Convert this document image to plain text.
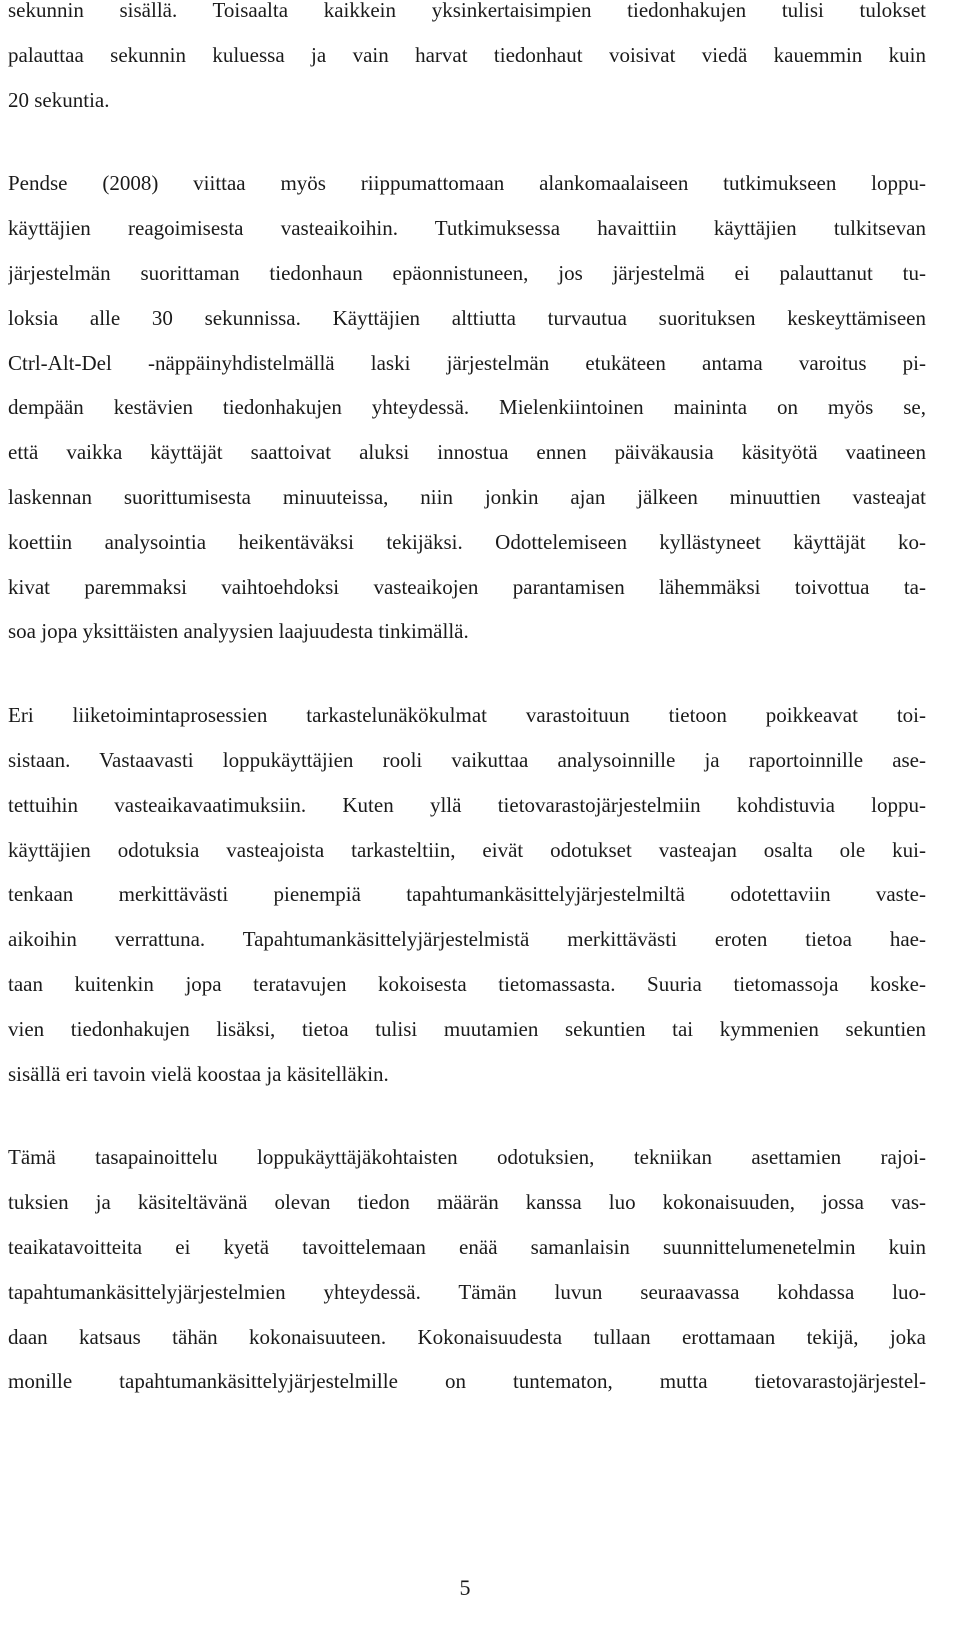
sekunnin sisällä. Toisaalta kaikkein yksinkertaisimpien tiedonhakujen tulisi tulokset
palauttaa sekunnin kuluessa ja vain harvat tiedonhaut voisivat viedä kauemmin kuin
20 sekuntia.

Pendse (2008) viittaa myös riippumattomaan alankomaalaiseen tutkimukseen loppu-
käyttäjien reagoimisesta vasteaikoihin. Tutkimuksessa havaittiin käyttäjien tulkitsevan
järjestelmän suorittaman tiedonhaun epäonnistuneen, jos järjestelmä ei palauttanut tu-
loksia alle 30 sekunnissa. Käyttäjien alttiutta turvautua suorituksen keskeyttämiseen
Ctrl-Alt-Del -näppäinyhdistelmällä laski järjestelmän etukäteen antama varoitus pi-
dempään kestävien tiedonhakujen yhteydessä. Mielenkiintoinen maininta on myös se,
että vaikka käyttäjät saattoivat aluksi innostua ennen päiväkausia käsityötä vaatineen
laskennan suorittumisesta minuuteissa, niin jonkin ajan jälkeen minuuttien vasteajat
koettiin analysointia heikentäväksi tekijäksi. Odottelemiseen kyllästyneet käyttäjät ko-
kivat paremmaksi vaihtoehdoksi vasteaikojen parantamisen lähemmäksi toivottua ta-
soa jopa yksittäisten analyysien laajuudesta tinkimällä.

Eri liiketoimintaprosessien tarkastelunäkökulmat varastoituun tietoon poikkeavat toi-
sistaan. Vastaavasti loppukäyttäjien rooli vaikuttaa analysoinnille ja raportoinnille ase-
tettuihin vasteaikavaatimuksiin. Kuten yllä tietovarastojärjestelmiin kohdistuvia loppu-
käyttäjien odotuksia vasteajoista tarkasteltiin, eivät odotukset vasteajan osalta ole kui-
tenkaan merkittävästi pienempiä tapahtumankäsittelyjärjestelmiltä odotettaviin vaste-
aikoihin verrattuna. Tapahtumankäsittelyjärjestelmistä merkittävästi eroten tietoa hae-
taan kuitenkin jopa teratavujen kokoisesta tietomassasta. Suuria tietomassoja koske-
vien tiedonhakujen lisäksi, tietoa tulisi muutamien sekuntien tai kymmenien sekuntien
sisällä eri tavoin vielä koostaa ja käsitelläkin.

Tämä tasapainoittelu loppukäyttäjäkohtaisten odotuksien, tekniikan asettamien rajoi-
tuksien ja käsiteltävänä olevan tiedon määrän kanssa luo kokonaisuuden, jossa vas-
teaikatavoitteita ei kyetä tavoittelemaan enää samanlaisin suunnittelumenetelmin kuin
tapahtumankäsittelyjärjestelmien yhteydessä. Tämän luvun seuraavassa kohdassa luo-
daan katsaus tähän kokonaisuuteen. Kokonaisuudesta tullaan erottamaan tekijä, joka
monille tapahtumankäsittelyjärjestelmille on tuntematon, mutta tietovarastojärjestel-

5
